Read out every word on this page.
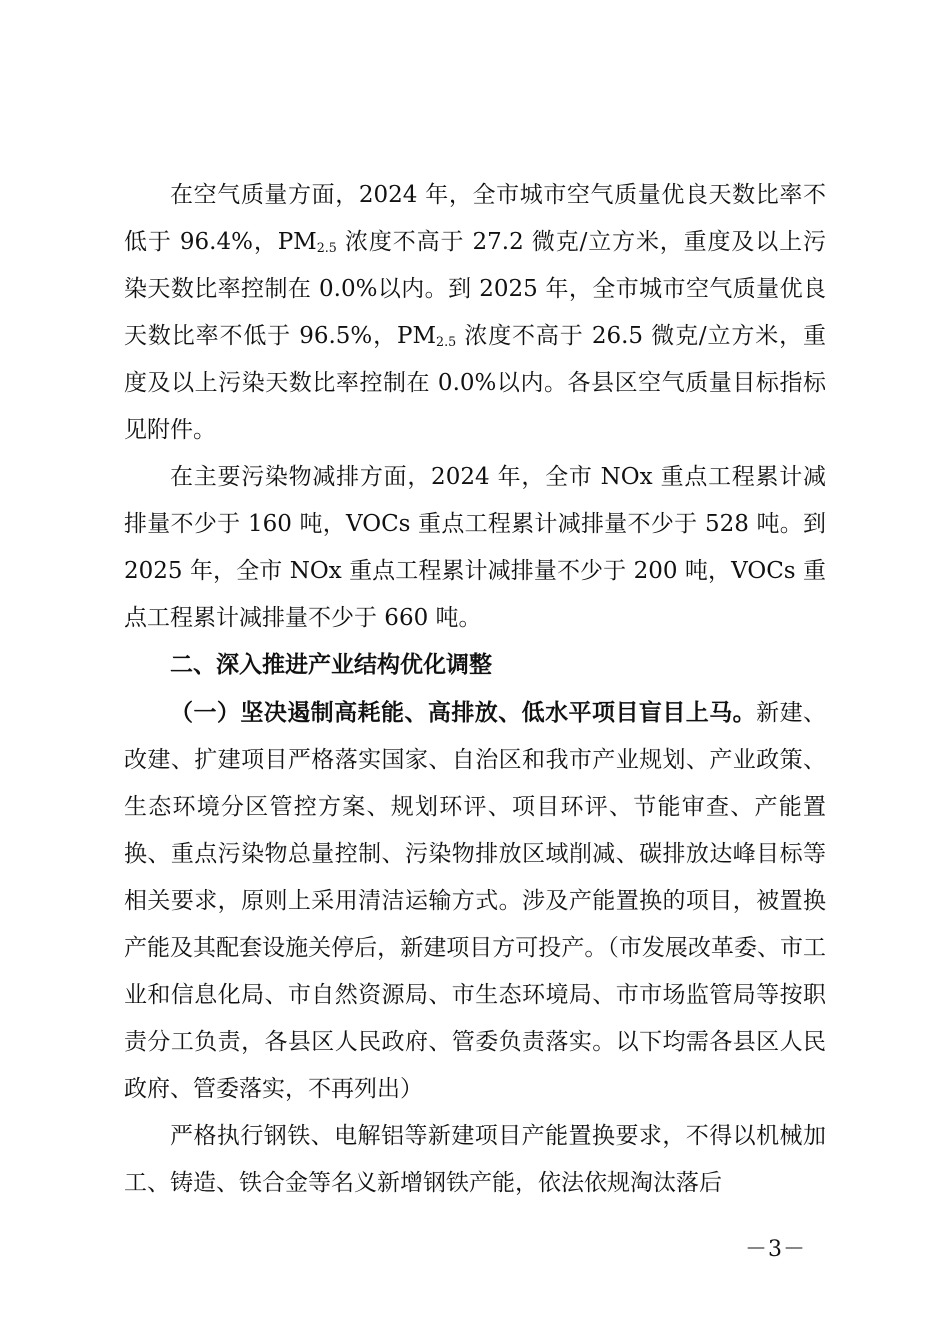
在空气质量方面，2024 年，全市城市空气质量优良天数比率不低于 96.4%，$PM_{2.5}$ 浓度不高于 27.2 微克/立方米，重度及以上污染天数比率控制在 0.0%以内。到 2025 年，全市城市空气质量优良天数比率不低于 96.5%，$PM_{2.5}$ 浓度不高于 26.5 微克/立方米，重度及以上污染天数比率控制在 0.0%以内。各县区空气质量目标指标见附件。

在主要污染物减排方面，2024 年，全市 NOx 重点工程累计减排量不少于 160 吨，VOCs 重点工程累计减排量不少于 528 吨。到 2025 年，全市 NOx 重点工程累计减排量不少于 200 吨，VOCs 重点工程累计减排量不少于 660 吨。

二、深入推进产业结构优化调整

（一）坚决遏制高耗能、高排放、低水平项目盲目上马。新建、改建、扩建项目严格落实国家、自治区和我市产业规划、产业政策、生态环境分区管控方案、规划环评、项目环评、节能审查、产能置换、重点污染物总量控制、污染物排放区域削减、碳排放达峰目标等相关要求，原则上采用清洁运输方式。涉及产能置换的项目，被置换产能及其配套设施关停后，新建项目方可投产。（市发展改革委、市工业和信息化局、市自然资源局、市生态环境局、市市场监管局等按职责分工负责，各县区人民政府、管委负责落实。以下均需各县区人民政府、管委落实，不再列出）

严格执行钢铁、电解铝等新建项目产能置换要求，不得以机械加工、铸造、铁合金等名义新增钢铁产能，依法依规淘汰落后

－3－
